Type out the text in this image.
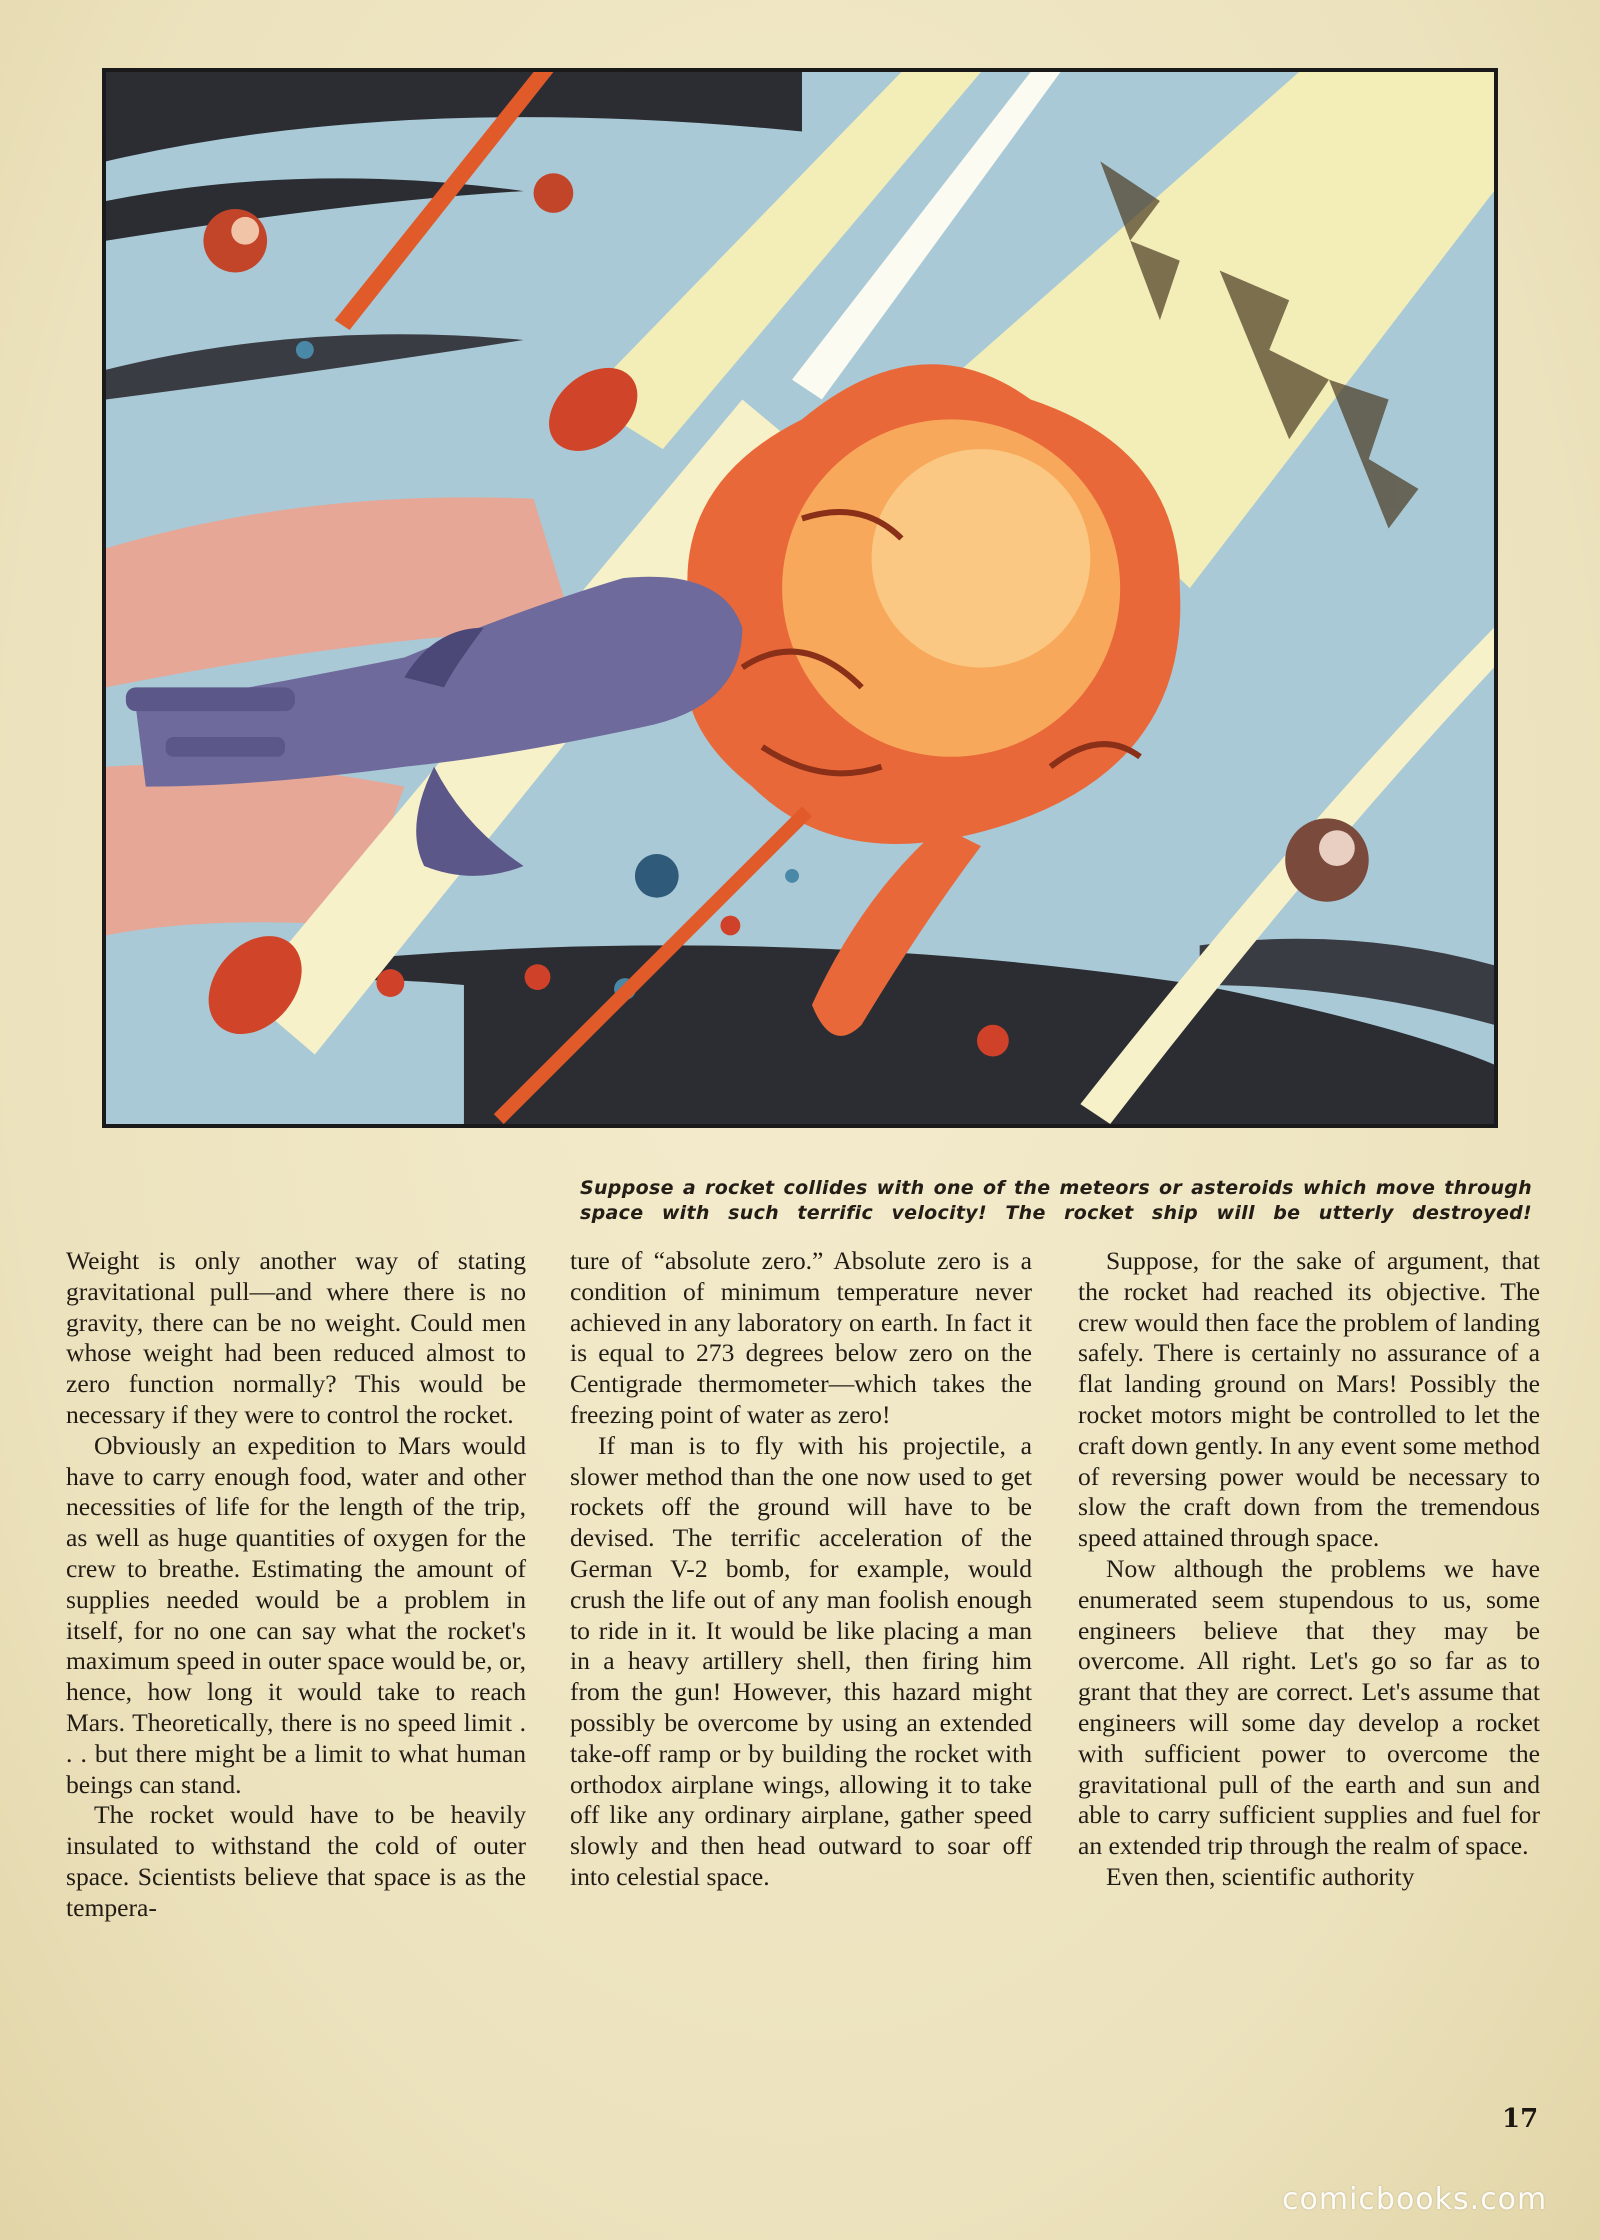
Suppose a rocket collides with one of the meteors or asteroids which move through space with such terrific velocity! The rocket ship will be utterly destroyed!

Weight is only another way of stating gravitational pull—and where there is no gravity, there can be no weight. Could men whose weight had been reduced almost to zero function normally? This would be necessary if they were to control the rocket.

Obviously an expedition to Mars would have to carry enough food, water and other necessities of life for the length of the trip, as well as huge quantities of oxygen for the crew to breathe. Estimating the amount of supplies needed would be a problem in itself, for no one can say what the rocket's maximum speed in outer space would be, or, hence, how long it would take to reach Mars. Theoretically, there is no speed limit . . . but there might be a limit to what human beings can stand.

The rocket would have to be heavily insulated to withstand the cold of outer space. Scientists believe that space is as the tempera-

ture of “absolute zero.” Absolute zero is a condition of minimum temperature never achieved in any laboratory on earth. In fact it is equal to 273 degrees below zero on the Centigrade thermometer—which takes the freezing point of water as zero!

If man is to fly with his projectile, a slower method than the one now used to get rockets off the ground will have to be devised. The terrific acceleration of the German V-2 bomb, for example, would crush the life out of any man foolish enough to ride in it. It would be like placing a man in a heavy artillery shell, then firing him from the gun! However, this hazard might possibly be overcome by using an extended take-off ramp or by building the rocket with orthodox airplane wings, allowing it to take off like any ordinary airplane, gather speed slowly and then head outward to soar off into celestial space.

Suppose, for the sake of argument, that the rocket had reached its objective. The crew would then face the problem of landing safely. There is certainly no assurance of a flat landing ground on Mars! Possibly the rocket motors might be controlled to let the craft down gently. In any event some method of reversing power would be necessary to slow the craft down from the tremendous speed attained through space.

Now although the problems we have enumerated seem stupendous to us, some engineers believe that they may be overcome. All right. Let's go so far as to grant that they are correct. Let's assume that engineers will some day develop a rocket with sufficient power to overcome the gravitational pull of the earth and sun and able to carry sufficient supplies and fuel for an extended trip through the realm of space.

Even then, scientific authority

17
comicbooks.com
